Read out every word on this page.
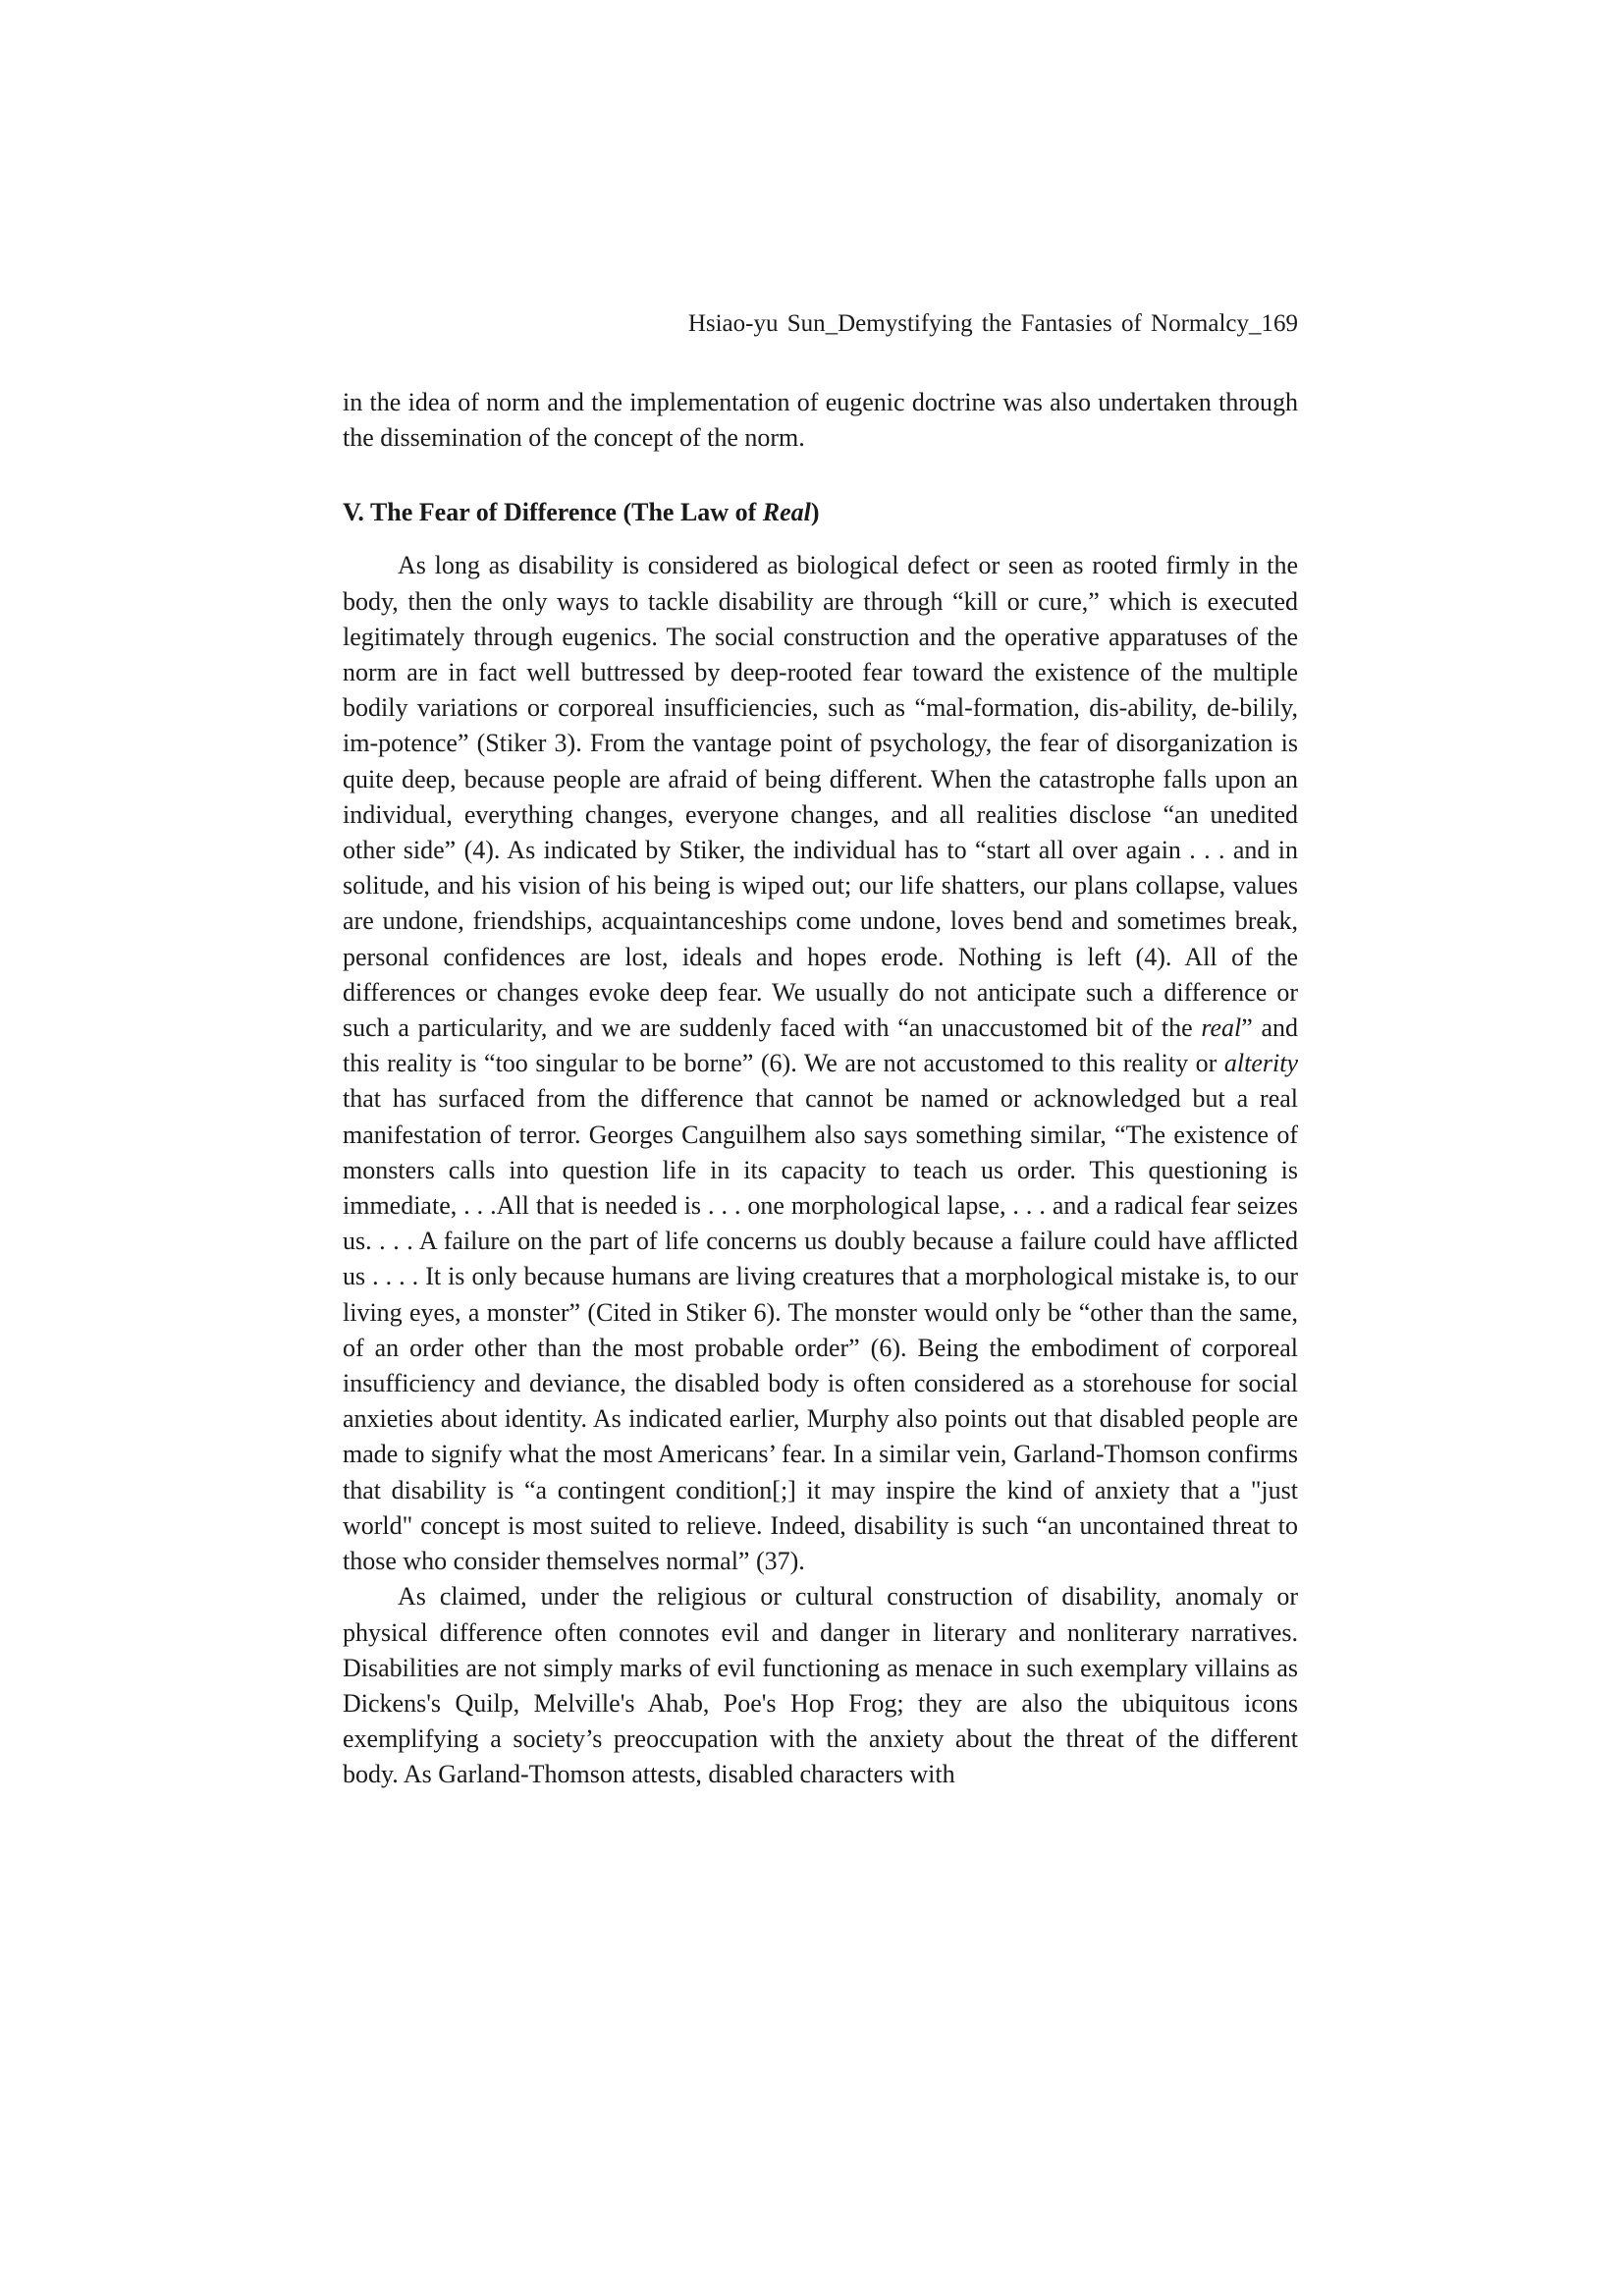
Hsiao-yu Sun_Demystifying the Fantasies of Normalcy_169

in the idea of norm and the implementation of eugenic doctrine was also undertaken through the dissemination of the concept of the norm.

V. The Fear of Difference (The Law of Real)

As long as disability is considered as biological defect or seen as rooted firmly in the body, then the only ways to tackle disability are through “kill or cure,” which is executed legitimately through eugenics. The social construction and the operative apparatuses of the norm are in fact well buttressed by deep-rooted fear toward the existence of the multiple bodily variations or corporeal insufficiencies, such as “mal-formation, dis-ability, de-bilily, im-potence” (Stiker 3). From the vantage point of psychology, the fear of disorganization is quite deep, because people are afraid of being different. When the catastrophe falls upon an individual, everything changes, everyone changes, and all realities disclose “an unedited other side” (4). As indicated by Stiker, the individual has to “start all over again . . . and in solitude, and his vision of his being is wiped out; our life shatters, our plans collapse, values are undone, friendships, acquaintanceships come undone, loves bend and sometimes break, personal confidences are lost, ideals and hopes erode. Nothing is left (4). All of the differences or changes evoke deep fear. We usually do not anticipate such a difference or such a particularity, and we are suddenly faced with “an unaccustomed bit of the real” and this reality is “too singular to be borne” (6). We are not accustomed to this reality or alterity that has surfaced from the difference that cannot be named or acknowledged but a real manifestation of terror. Georges Canguilhem also says something similar, “The existence of monsters calls into question life in its capacity to teach us order. This questioning is immediate, . . .All that is needed is . . . one morphological lapse, . . . and a radical fear seizes us. . . . A failure on the part of life concerns us doubly because a failure could have afflicted us . . . . It is only because humans are living creatures that a morphological mistake is, to our living eyes, a monster” (Cited in Stiker 6). The monster would only be “other than the same, of an order other than the most probable order” (6). Being the embodiment of corporeal insufficiency and deviance, the disabled body is often considered as a storehouse for social anxieties about identity. As indicated earlier, Murphy also points out that disabled people are made to signify what the most Americans’ fear. In a similar vein, Garland-Thomson confirms that disability is “a contingent condition[;] it may inspire the kind of anxiety that a "just world" concept is most suited to relieve. Indeed, disability is such “an uncontained threat to those who consider themselves normal” (37).

As claimed, under the religious or cultural construction of disability, anomaly or physical difference often connotes evil and danger in literary and nonliterary narratives. Disabilities are not simply marks of evil functioning as menace in such exemplary villains as Dickens's Quilp, Melville's Ahab, Poe's Hop Frog; they are also the ubiquitous icons exemplifying a society’s preoccupation with the anxiety about the threat of the different body. As Garland-Thomson attests, disabled characters with
